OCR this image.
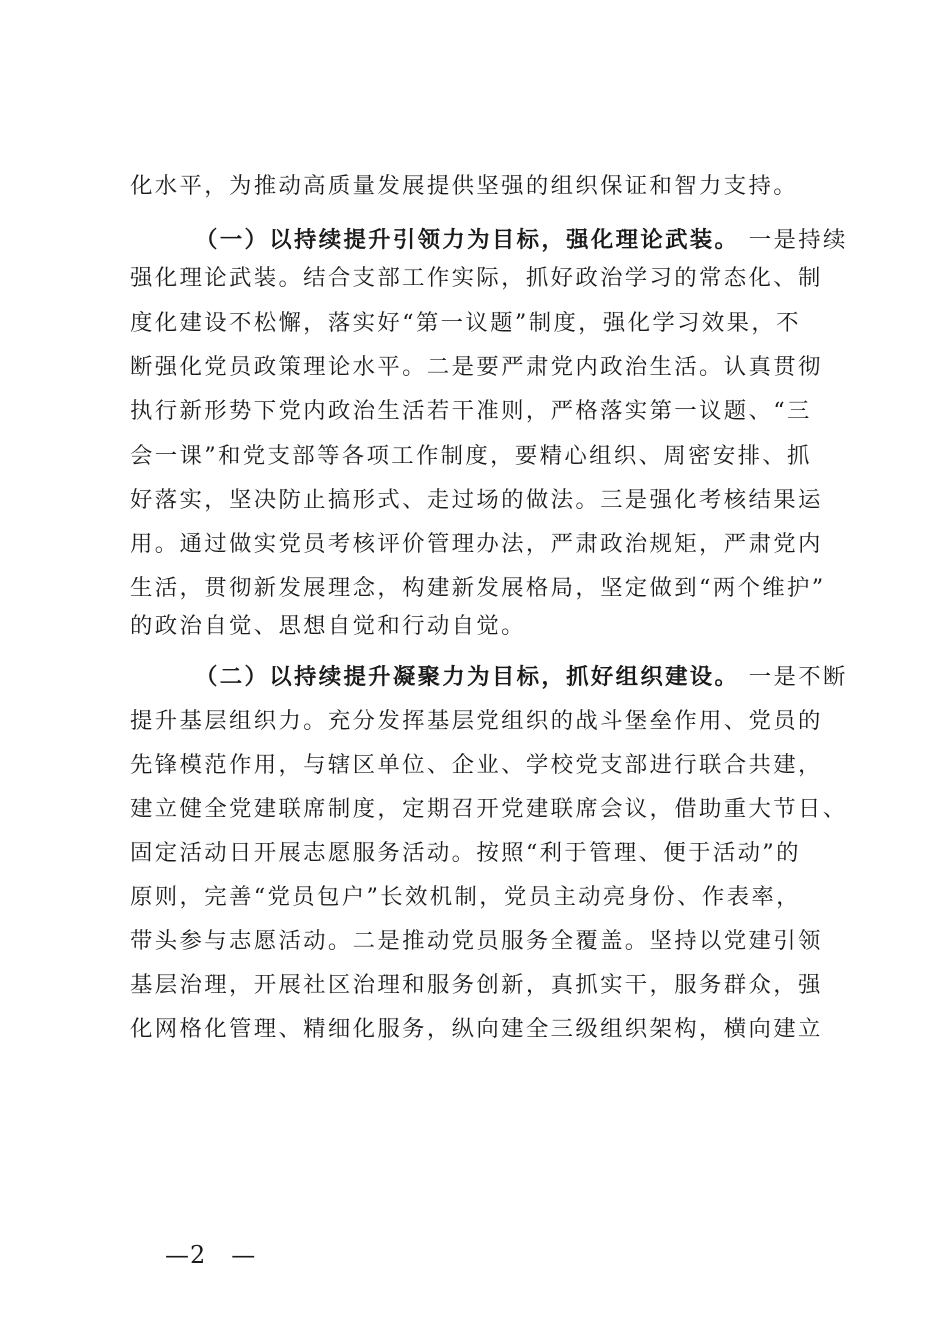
化水平，为推动高质量发展提供坚强的组织保证和智力支持。
（一）以持续提升引领力为目标，强化理论武装。 一是持续
强化理论武装。结合支部工作实际，抓好政治学习的常态化、制
度化建设不松懈，落实好“第一议题”制度，强化学习效果，不
断强化党员政策理论水平。二是要严肃党内政治生活。认真贯彻
执行新形势下党内政治生活若干准则，严格落实第一议题、“三
会一课”和党支部等各项工作制度，要精心组织、周密安排、抓
好落实，坚决防止搞形式、走过场的做法。三是强化考核结果运
用。通过做实党员考核评价管理办法，严肃政治规矩，严肃党内
生活，贯彻新发展理念，构建新发展格局，坚定做到“两个维护”
的政治自觉、思想自觉和行动自觉。
（二）以持续提升凝聚力为目标，抓好组织建设。 一是不断
提升基层组织力。充分发挥基层党组织的战斗堡垒作用、党员的
先锋模范作用，与辖区单位、企业、学校党支部进行联合共建，
建立健全党建联席制度，定期召开党建联席会议，借助重大节日、
固定活动日开展志愿服务活动。按照“利于管理、便于活动”的
原则，完善“党员包户”长效机制，党员主动亮身份、作表率，
带头参与志愿活动。二是推动党员服务全覆盖。坚持以党建引领
基层治理，开展社区治理和服务创新，真抓实干，服务群众，强
化网格化管理、精细化服务，纵向建全三级组织架构，横向建立
—2　—
